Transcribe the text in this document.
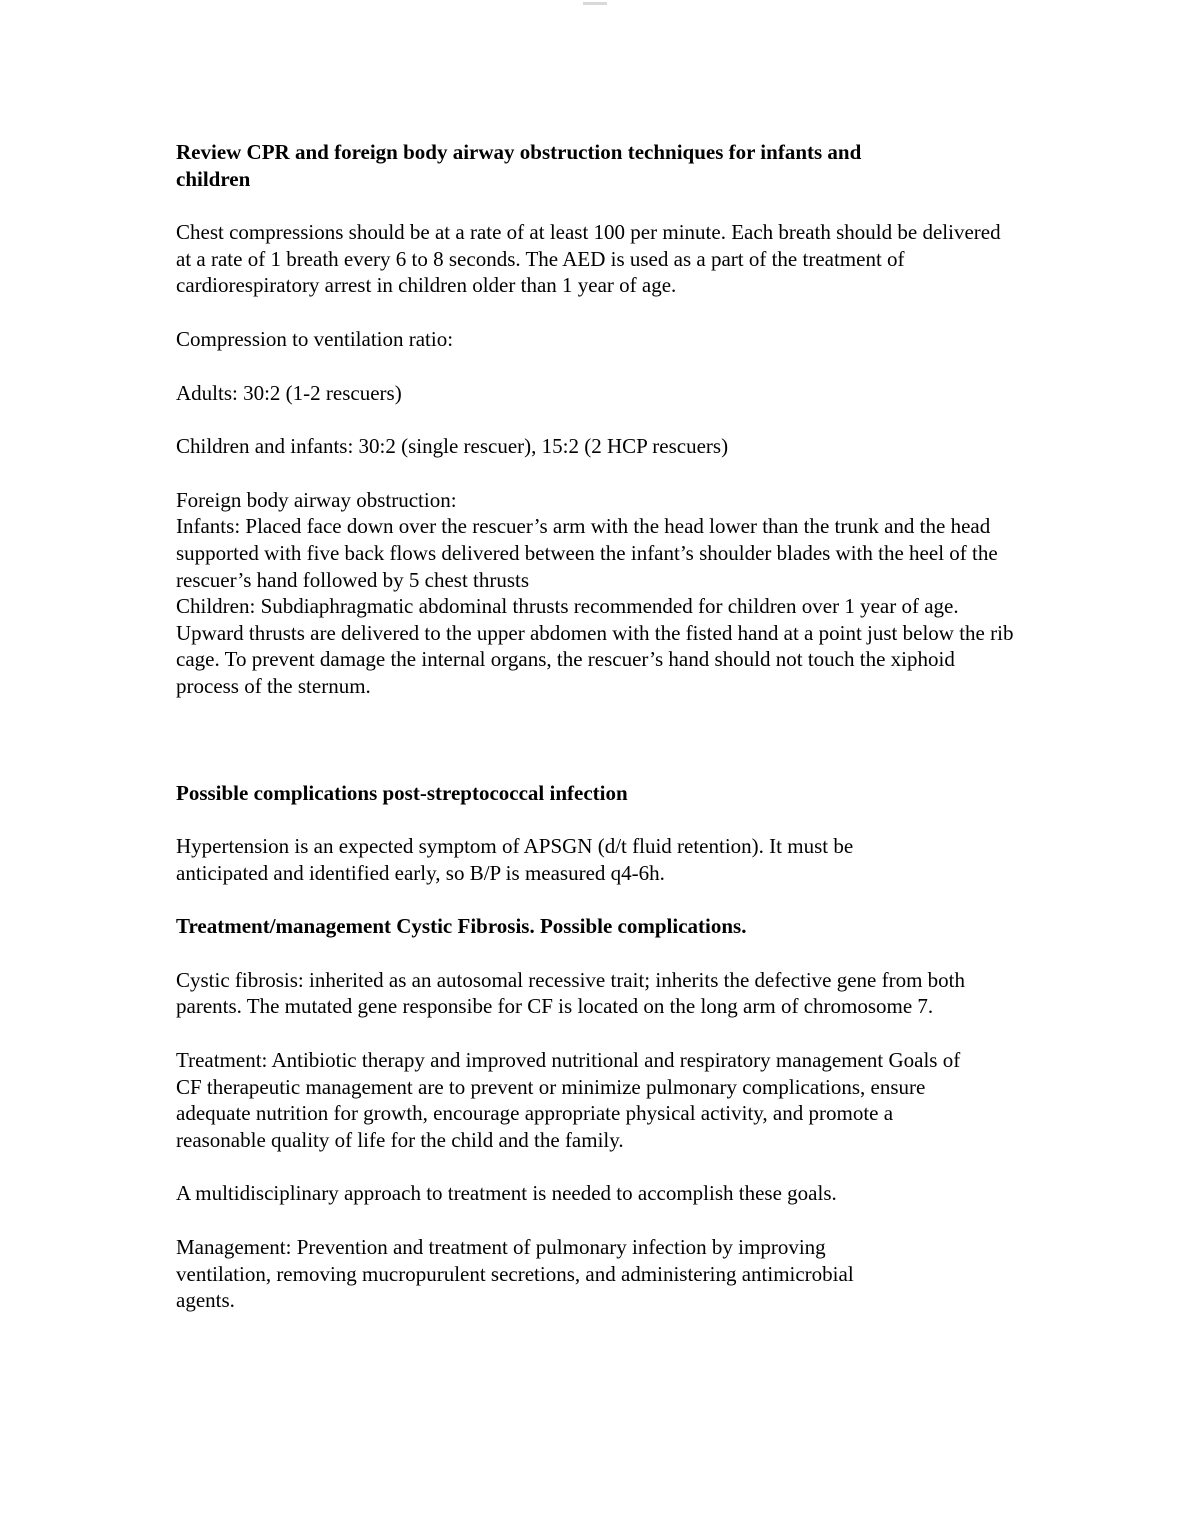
Review CPR and foreign body airway obstruction techniques for infants and children
Chest compressions should be at a rate of at least 100 per minute. Each breath should be delivered at a rate of 1 breath every 6 to 8 seconds. The AED is used as a part of the treatment of cardiorespiratory arrest in children older than 1 year of age.
Compression to ventilation ratio:
Adults: 30:2 (1-2 rescuers)
Children and infants: 30:2 (single rescuer), 15:2 (2 HCP rescuers)
Foreign body airway obstruction:
Infants: Placed face down over the rescuer’s arm with the head lower than the trunk and the head supported with five back flows delivered between the infant’s shoulder blades with the heel of the rescuer’s hand followed by 5 chest thrusts
Children: Subdiaphragmatic abdominal thrusts recommended for children over 1 year of age. Upward thrusts are delivered to the upper abdomen with the fisted hand at a point just below the rib cage. To prevent damage the internal organs, the rescuer’s hand should not touch the xiphoid process of the sternum.
Possible complications post-streptococcal infection
Hypertension is an expected symptom of APSGN (d/t fluid retention). It must be anticipated and identified early, so B/P is measured q4-6h.
Treatment/management Cystic Fibrosis. Possible complications.
Cystic fibrosis: inherited as an autosomal recessive trait; inherits the defective gene from both parents. The mutated gene responsibe for CF is located on the long arm of chromosome 7.
Treatment: Antibiotic therapy and improved nutritional and respiratory management Goals of CF therapeutic management are to prevent or minimize pulmonary complications, ensure adequate nutrition for growth, encourage appropriate physical activity, and promote a reasonable quality of life for the child and the family.
A multidisciplinary approach to treatment is needed to accomplish these goals.
Management: Prevention and treatment of pulmonary infection by improving ventilation, removing mucropurulent secretions, and administering antimicrobial agents.
